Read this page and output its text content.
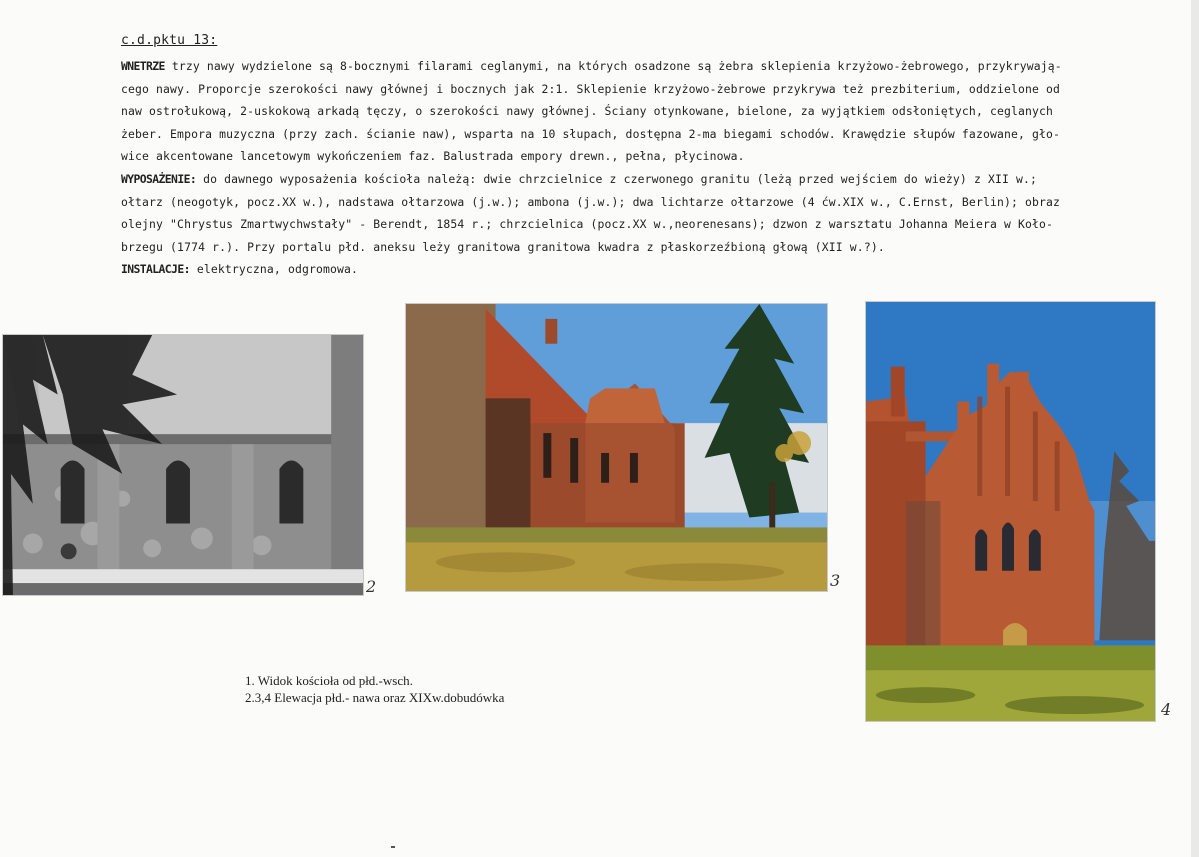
c.d.pktu 13:

WNETRZE trzy nawy wydzielone są 8-bocznymi filarami ceglanymi, na których osadzone są żebra sklepienia krzyżowo-żebrowego, przykrywają-cego nawy. Proporcje szerokości nawy głównej i bocznych jak 2:1. Sklepienie krzyżowo-żebrowe przykrywa też prezbiterium, oddzielone od naw ostrołukową, 2-uskokową arkadą tęczy, o szerokości nawy głównej. Ściany otynkowane, bielone, za wyjątkiem odsłoniętych, ceglanych żeber. Empora muzyczna (przy zach. ścianie naw), wsparta na 10 słupach, dostępna 2-ma biegami schodów. Krawędzie słupów fazowane, gło-wice akcentowane lancetowym wykończeniem faz. Balustrada empory drewn., pełna, płycinowa.

WYPOSAŻENIE: do dawnego wyposażenia kościoła należą: dwie chrzcielnice z czerwonego granitu (leżą przed wejściem do wieży) z XII w.; ołtarz (neogotyk, pocz.XX w.), nadstawa ołtarzowa (j.w.); ambona (j.w.); dwa lichtarze ołtarzowe (4 ćw.XIX w., C.Ernst, Berlin); obraz olejny "Chrystus Zmartwychwstały" - Berendt, 1854 r.; chrzcielnica (pocz.XX w.,neorenesans); dzwon z warsztatu Johanna Meiera w Koło-brzegu (1774 r.). Przy portalu płd. aneksu leży granitowa granitowa kwadra z płaskorzeźbioną głową (XII w.?).

INSTALACJE: elektryczna, odgromowa.

2	3
4
1. Widok kościoła od płd.-wsch.
2.3,4 Elewacja płd.- nawa oraz XIXw.dobudówka
